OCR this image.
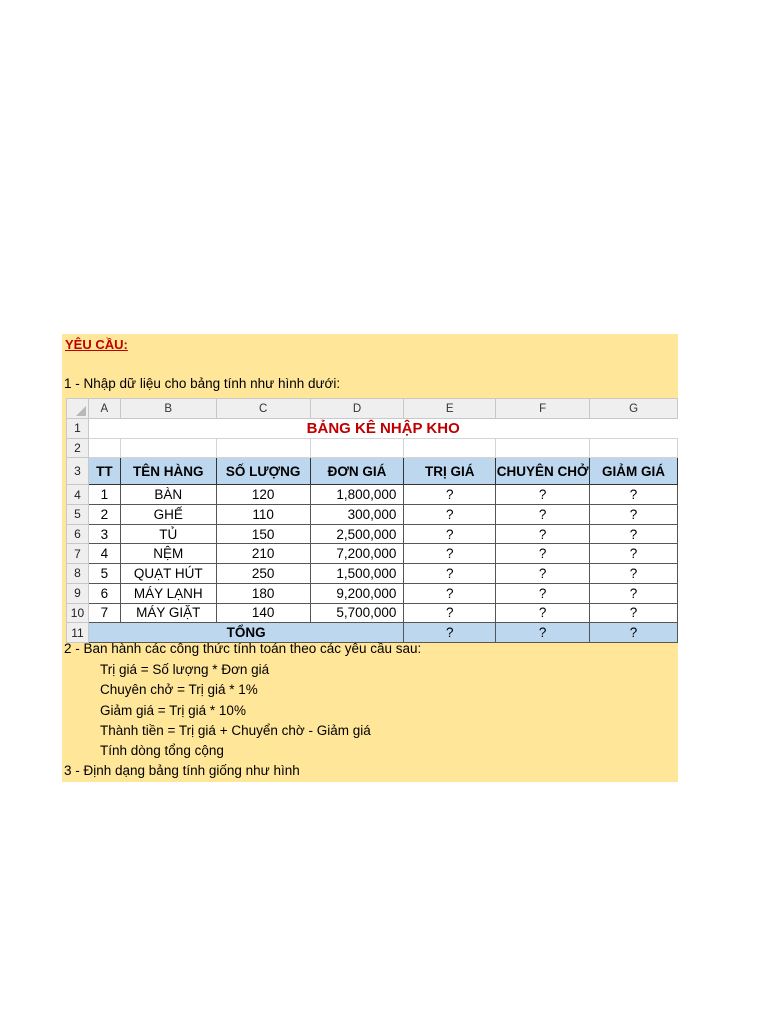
YÊU CẦU:
1 - Nhập dữ liệu cho bảng tính như hình dưới:
	A	B	C	D	E	F	G
1	BẢNG KÊ NHẬP KHO						
2							
3	TT	TÊN HÀNG	SỐ LƯỢNG	ĐƠN GIÁ	TRỊ GIÁ	CHUYÊN CHỞ	GIẢM GIÁ
4	1	BÀN	120	1,800,000	?	?	?
5	2	GHẾ	110	300,000	?	?	?
6	3	TỦ	150	2,500,000	?	?	?
7	4	NỆM	210	7,200,000	?	?	?
8	5	QUẠT HÚT	250	1,500,000	?	?	?
9	6	MÁY LẠNH	180	9,200,000	?	?	?
10	7	MÁY GIẶT	140	5,700,000	?	?	?
11	TỔNG				?	?	?
2 - Ban hành các công thức tính toán theo các yêu cầu sau:
Trị giá = Số lượng * Đơn giá
Chuyên chở = Trị giá * 1%
Giảm giá = Trị giá * 10%
Thành tiền = Trị giá + Chuyển chờ - Giảm giá
Tính dòng tổng cộng
3 - Định dạng bảng tính giống như hình
